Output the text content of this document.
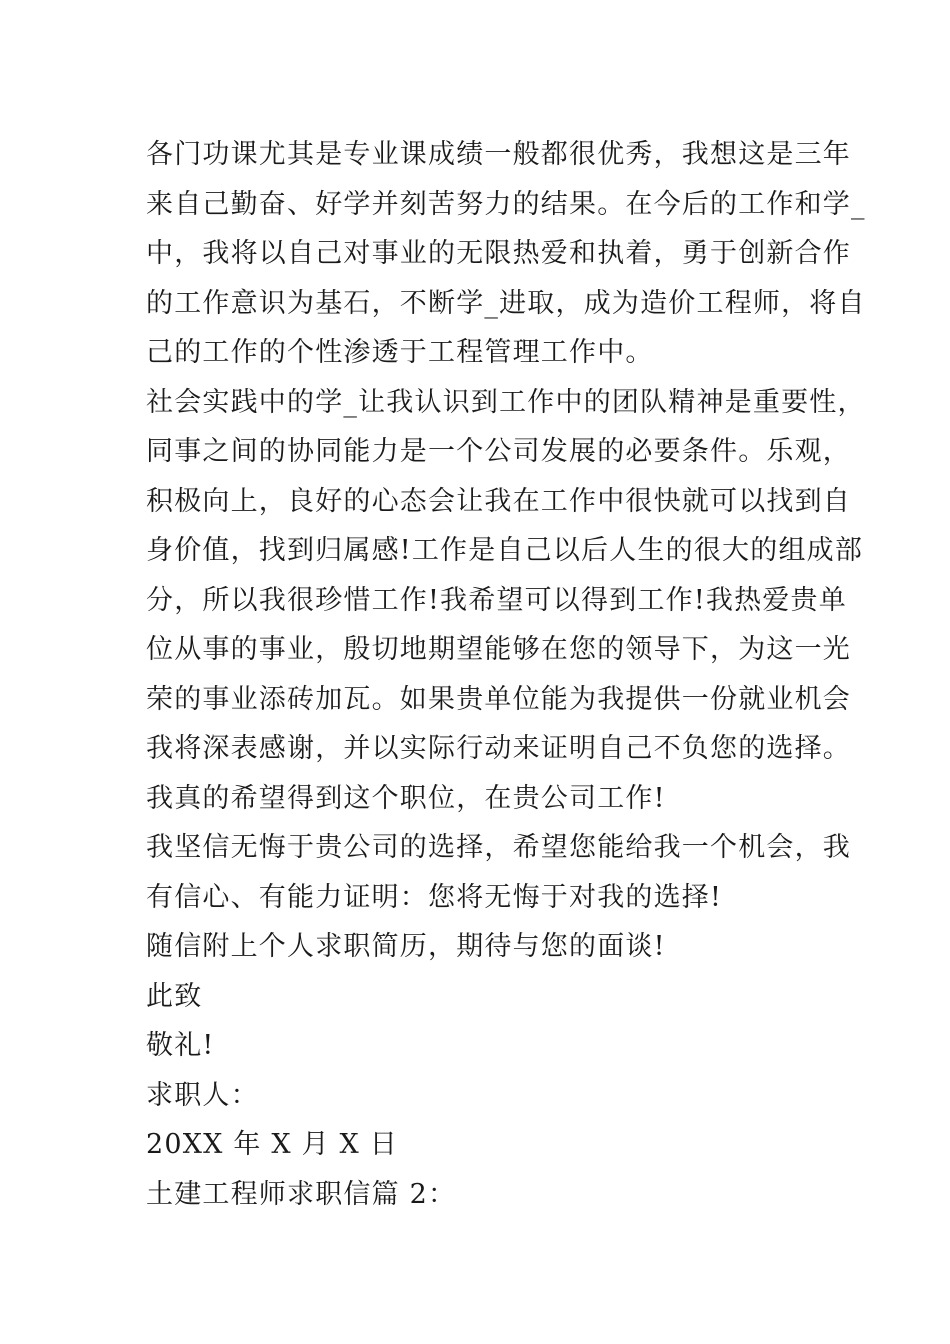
各门功课尤其是专业课成绩一般都很优秀，我想这是三年
来自己勤奋、好学并刻苦努力的结果。在今后的工作和学_
中，我将以自己对事业的无限热爱和执着，勇于创新合作
的工作意识为基石，不断学_进取，成为造价工程师，将自
己的工作的个性渗透于工程管理工作中。
社会实践中的学_让我认识到工作中的团队精神是重要性，
同事之间的协同能力是一个公司发展的必要条件。乐观，
积极向上，良好的心态会让我在工作中很快就可以找到自
身价值，找到归属感!工作是自己以后人生的很大的组成部
分，所以我很珍惜工作!我希望可以得到工作!我热爱贵单
位从事的事业，殷切地期望能够在您的领导下，为这一光
荣的事业添砖加瓦。如果贵单位能为我提供一份就业机会
我将深表感谢，并以实际行动来证明自己不负您的选择。
我真的希望得到这个职位，在贵公司工作!
我坚信无悔于贵公司的选择，希望您能给我一个机会，我
有信心、有能力证明：您将无悔于对我的选择!
随信附上个人求职简历，期待与您的面谈!
此致
敬礼!
求职人：
20XX 年 X 月 X 日
土建工程师求职信篇 2：
